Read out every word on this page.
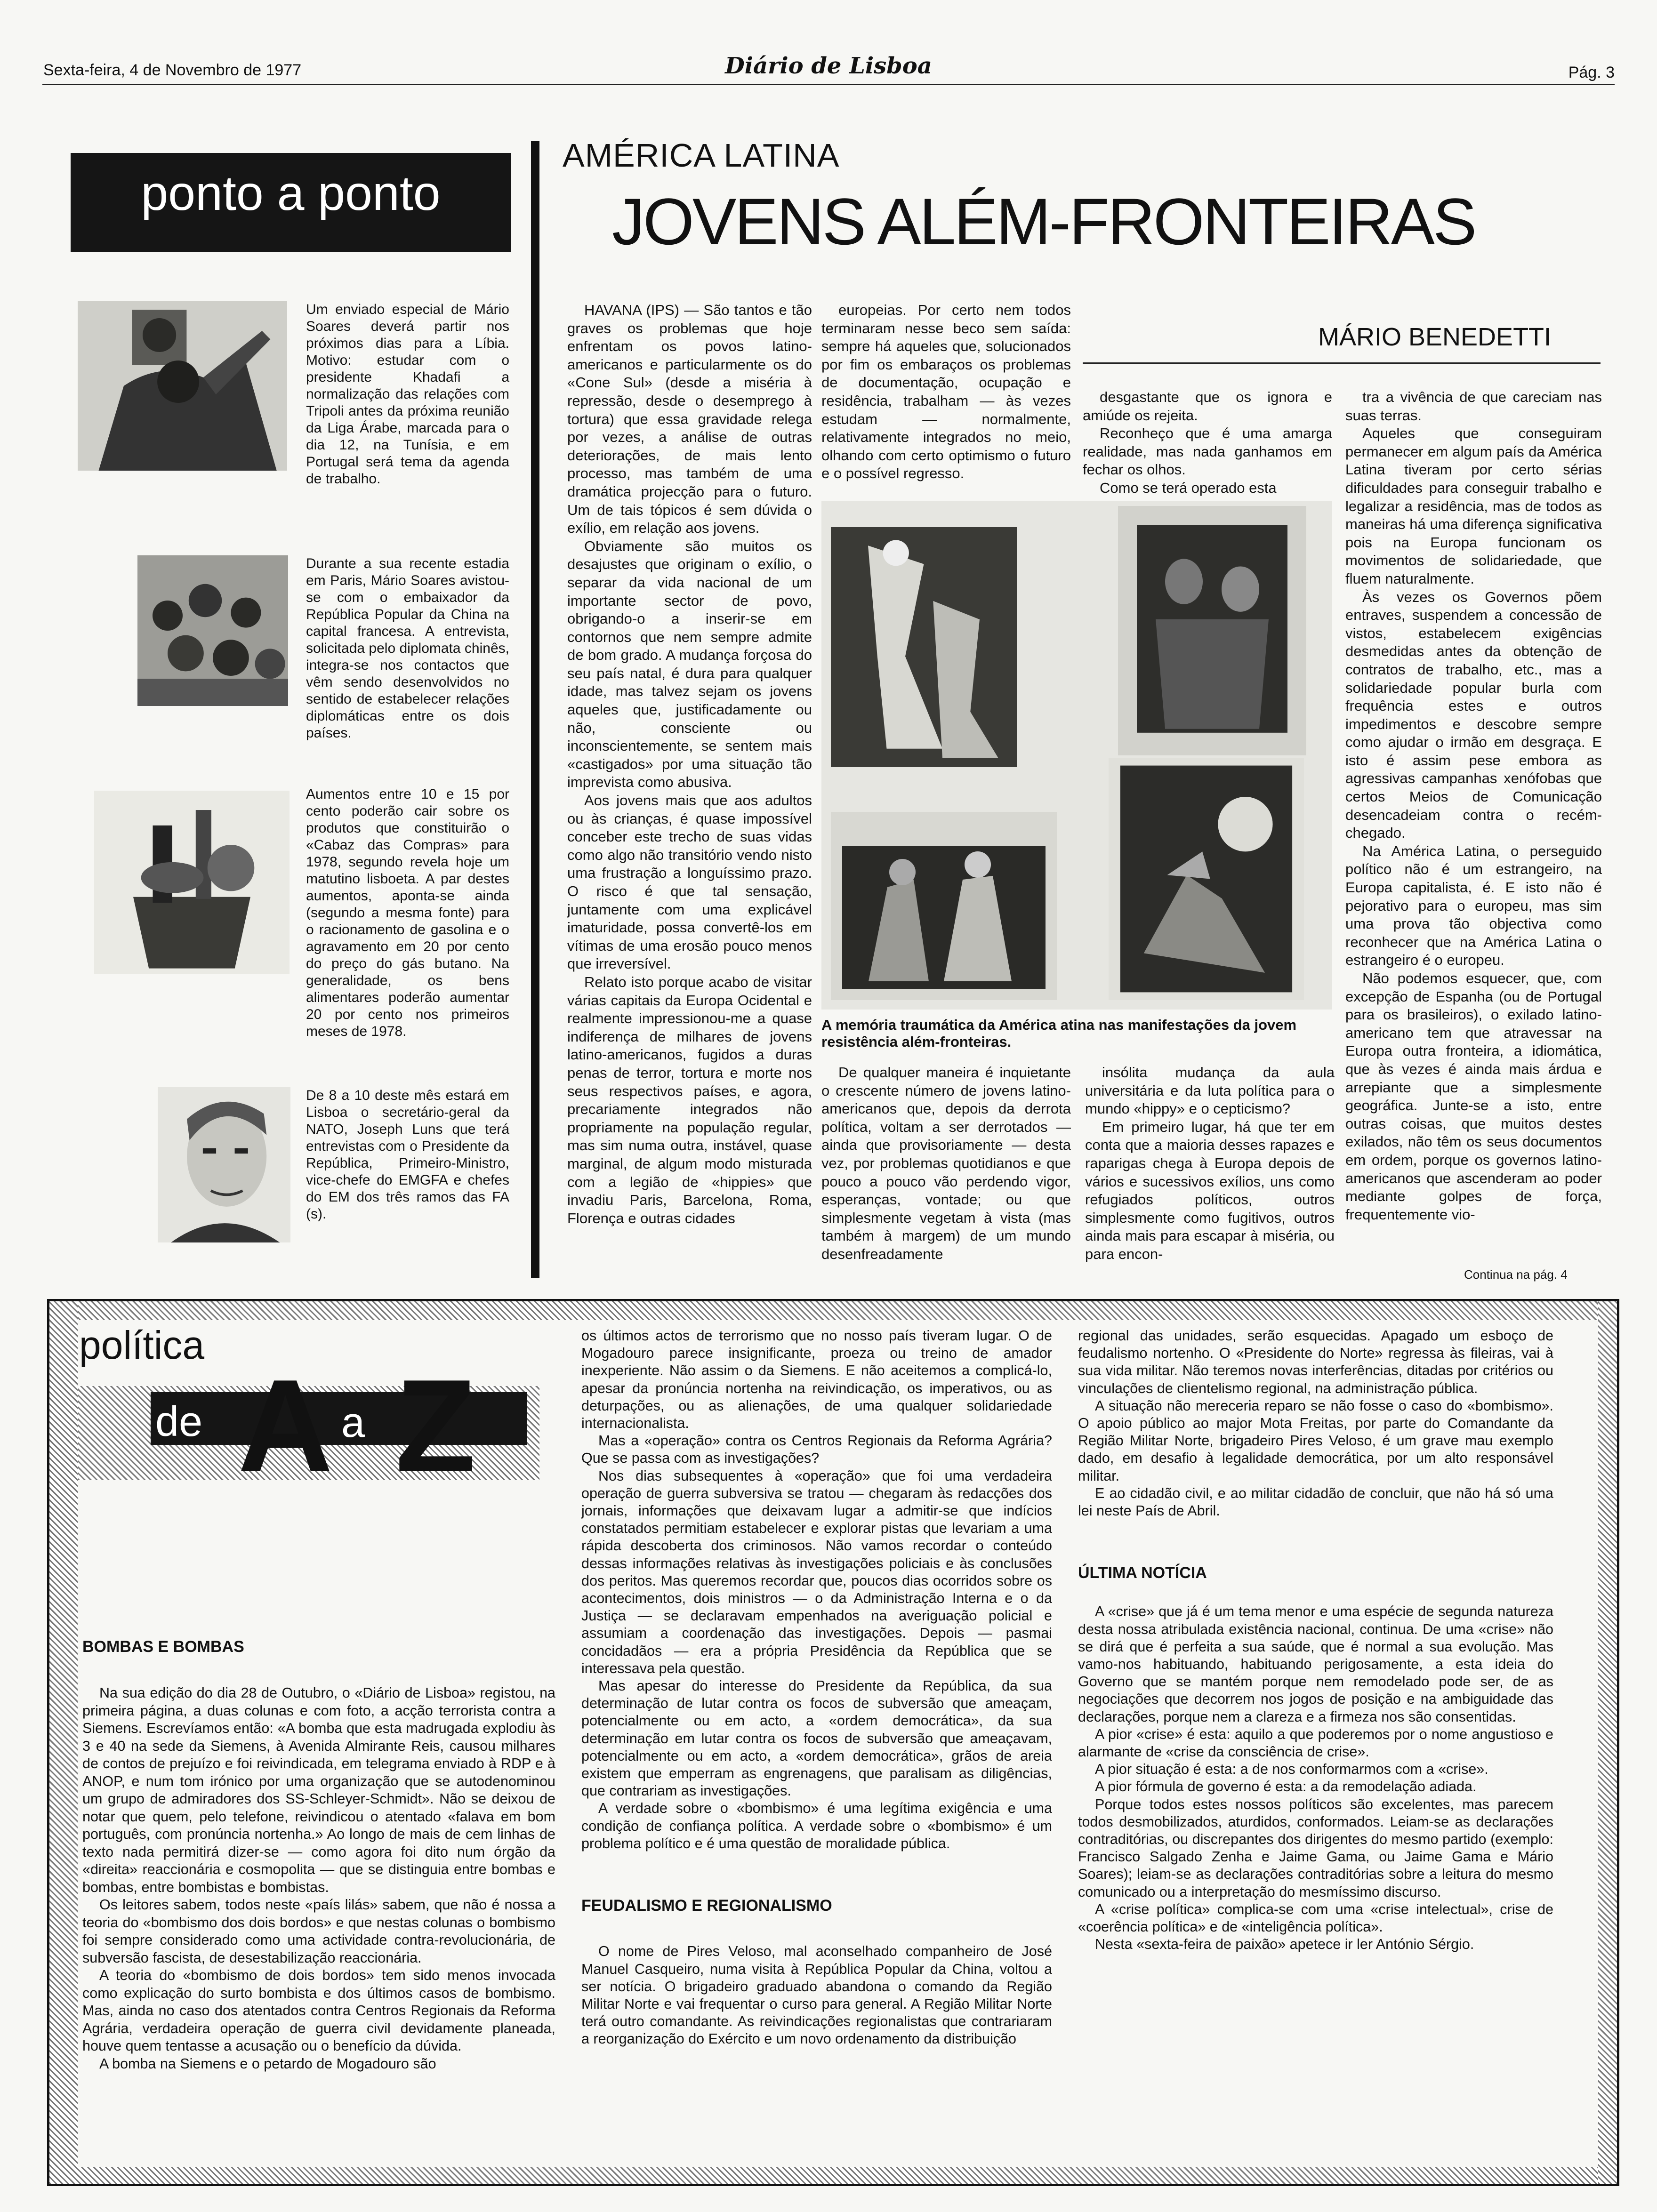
Sexta-feira, 4 de Novembro de 1977	Diário de Lisboa	Pág. 3
ponto a ponto

Um enviado especial de Mário Soares deverá partir nos próximos dias para a Líbia. Motivo: estudar com o presidente Khadafi a normalização das relações com Tripoli antes da próxima reunião da Liga Árabe, marcada para o dia 12, na Tunísia, e em Portugal será tema da agenda de trabalho.

Durante a sua recente estadia em Paris, Mário Soares avistou-se com o embaixador da República Popular da China na capital francesa. A entrevista, solicitada pelo diplomata chinês, integra-se nos contactos que vêm sendo desenvolvidos no sentido de estabelecer relações diplomáticas entre os dois países.

Aumentos entre 10 e 15 por cento poderão cair sobre os produtos que constituirão o «Cabaz das Compras» para 1978, segundo revela hoje um matutino lisboeta. A par destes aumentos, aponta-se ainda (segundo a mesma fonte) para o racionamento de gasolina e o agravamento em 20 por cento do preço do gás butano. Na generalidade, os bens alimentares poderão aumentar 20 por cento nos primeiros meses de 1978.

De 8 a 10 deste mês estará em Lisboa o secretário-geral da NATO, Joseph Luns que terá entrevistas com o Presidente da República, Primeiro-Ministro, vice-chefe do EMGFA e chefes do EM dos três ramos das FA (s).

AMÉRICA LATINA
JOVENS ALÉM-FRONTEIRAS
MÁRIO BENEDETTI

HAVANA (IPS) — São tantos e tão graves os problemas que hoje enfrentam os povos latino-americanos e particularmente os do «Cone Sul» (desde a miséria à repressão, desde o desemprego à tortura) que essa gravidade relega por vezes, a análise de outras deteriorações, de mais lento processo, mas também de uma dramática projecção para o futuro. Um de tais tópicos é sem dúvida o exílio, em relação aos jovens.

Obviamente são muitos os desajustes que originam o exílio, o separar da vida nacional de um importante sector de povo, obrigando-o a inserir-se em contornos que nem sempre admite de bom grado. A mudança forçosa do seu país natal, é dura para qualquer idade, mas talvez sejam os jovens aqueles que, justificadamente ou não, consciente ou inconscientemente, se sentem mais «castigados» por uma situação tão imprevista como abusiva.

Aos jovens mais que aos adultos ou às crianças, é quase impossível conceber este trecho de suas vidas como algo não transitório vendo nisto uma frustração a longuíssimo prazo. O risco é que tal sensação, juntamente com uma explicável imaturidade, possa convertê-los em vítimas de uma erosão pouco menos que irreversível.

Relato isto porque acabo de visitar várias capitais da Europa Ocidental e realmente impressionou-me a quase indiferença de milhares de jovens latino-americanos, fugidos a duras penas de terror, tortura e morte nos seus respectivos países, e agora, precariamente integrados não propriamente na população regular, mas sim numa outra, instável, quase marginal, de algum modo misturada com a legião de «hippies» que invadiu Paris, Barcelona, Roma, Florença e outras cidades

europeias. Por certo nem todos terminaram nesse beco sem saída: sempre há aqueles que, solucionados por fim os embaraços os problemas de documentação, ocupação e residência, trabalham — às vezes estudam — normalmente, relativamente integrados no meio, olhando com certo optimismo o futuro e o possível regresso.

desgastante que os ignora e amiúde os rejeita.

Reconheço que é uma amarga realidade, mas nada ganhamos em fechar os olhos.

Como se terá operado esta

tra a vivência de que careciam nas suas terras.

Aqueles que conseguiram permanecer em algum país da América Latina tiveram por certo sérias dificuldades para conseguir trabalho e legalizar a residência, mas de todos as maneiras há uma diferença significativa pois na Europa funcionam os movimentos de solidariedade, que fluem naturalmente.

Às vezes os Governos põem entraves, suspendem a concessão de vistos, estabelecem exigências desmedidas antes da obtenção de contratos de trabalho, etc., mas a solidariedade popular burla com frequência estes e outros impedimentos e descobre sempre como ajudar o irmão em desgraça. E isto é assim pese embora as agressivas campanhas xenófobas que certos Meios de Comunicação desencadeiam contra o recém-chegado.

Na América Latina, o perseguido político não é um estrangeiro, na Europa capitalista, é. E isto não é pejorativo para o europeu, mas sim uma prova tão objectiva como reconhecer que na América Latina o estrangeiro é o europeu.

Não podemos esquecer, que, com excepção de Espanha (ou de Portugal para os brasileiros), o exilado latino-americano tem que atravessar na Europa outra fronteira, a idiomática, que às vezes é ainda mais árdua e arrepiante que a simplesmente geográfica. Junte-se a isto, entre outras coisas, que muitos destes exilados, não têm os seus documentos em ordem, porque os governos latino-americanos que ascenderam ao poder mediante golpes de força, frequentemente vio-

A memória traumática da América atina nas manifestações da jovem resistência além-fronteiras.

De qualquer maneira é inquietante o crescente número de jovens latino-americanos que, depois da derrota política, voltam a ser derrotados — ainda que provisoriamente — desta vez, por problemas quotidianos e que pouco a pouco vão perdendo vigor, esperanças, vontade; ou que simplesmente vegetam à vista (mas também à margem) de um mundo desenfreadamente

insólita mudança da aula universitária e da luta política para o mundo «hippy» e o cepticismo?

Em primeiro lugar, há que ter em conta que a maioria desses rapazes e raparigas chega à Europa depois de vários e sucessivos exílios, uns como refugiados políticos, outros simplesmente como fugitivos, outros ainda mais para escapar à miséria, ou para encon-

Continua na pág. 4
política
de A a Z
BOMBAS E BOMBAS

Na sua edição do dia 28 de Outubro, o «Diário de Lisboa» registou, na primeira página, a duas colunas e com foto, a acção terrorista contra a Siemens. Escrevíamos então: «A bomba que esta madrugada explodiu às 3 e 40 na sede da Siemens, à Avenida Almirante Reis, causou milhares de contos de prejuízo e foi reivindicada, em telegrama enviado à RDP e à ANOP, e num tom irónico por uma organização que se autodenominou um grupo de admiradores dos SS-Schleyer-Schmidt». Não se deixou de notar que quem, pelo telefone, reivindicou o atentado «falava em bom português, com pronúncia nortenha.» Ao longo de mais de cem linhas de texto nada permitirá dizer-se — como agora foi dito num órgão da «direita» reaccionária e cosmopolita — que se distinguia entre bombas e bombas, entre bombistas e bombistas.

Os leitores sabem, todos neste «país lilás» sabem, que não é nossa a teoria do «bombismo dos dois bordos» e que nestas colunas o bombismo foi sempre considerado como uma actividade contra-revolucionária, de subversão fascista, de desestabilização reaccionária.

A teoria do «bombismo de dois bordos» tem sido menos invocada como explicação do surto bombista e dos últimos casos de bombismo. Mas, ainda no caso dos atentados contra Centros Regionais da Reforma Agrária, verdadeira operação de guerra civil devidamente planeada, houve quem tentasse a acusação ou o benefício da dúvida.

A bomba na Siemens e o petardo de Mogadouro são

os últimos actos de terrorismo que no nosso país tiveram lugar. O de Mogadouro parece insignificante, proeza ou treino de amador inexperiente. Não assim o da Siemens. E não aceitemos a complicá-lo, apesar da pronúncia nortenha na reivindicação, os imperativos, ou as deturpações, ou as alienações, de uma qualquer solidariedade internacionalista.

Mas a «operação» contra os Centros Regionais da Reforma Agrária? Que se passa com as investigações?

Nos dias subsequentes à «operação» que foi uma verdadeira operação de guerra subversiva se tratou — chegaram às redacções dos jornais, informações que deixavam lugar a admitir-se que indícios constatados permitiam estabelecer e explorar pistas que levariam a uma rápida descoberta dos criminosos. Não vamos recordar o conteúdo dessas informações relativas às investigações policiais e às conclusões dos peritos. Mas queremos recordar que, poucos dias ocorridos sobre os acontecimentos, dois ministros — o da Administração Interna e o da Justiça — se declaravam empenhados na averiguação policial e assumiam a coordenação das investigações. Depois — pasmai concidadãos — era a própria Presidência da República que se interessava pela questão.

Mas apesar do interesse do Presidente da República, da sua determinação de lutar contra os focos de subversão que ameaçam, potencialmente ou em acto, a «ordem democrática», da sua determinação em lutar contra os focos de subversão que ameaçavam, potencialmente ou em acto, a «ordem democrática», grãos de areia existem que emperram as engrenagens, que paralisam as diligências, que contrariam as investigações.

A verdade sobre o «bombismo» é uma legítima exigência e uma condição de confiança política. A verdade sobre o «bombismo» é um problema político e é uma questão de moralidade pública.

FEUDALISMO E REGIONALISMO

O nome de Pires Veloso, mal aconselhado companheiro de José Manuel Casqueiro, numa visita à República Popular da China, voltou a ser notícia. O brigadeiro graduado abandona o comando da Região Militar Norte e vai frequentar o curso para general. A Região Militar Norte terá outro comandante. As reivindicações regionalistas que contrariaram a reorganização do Exército e um novo ordenamento da distribuição

regional das unidades, serão esquecidas. Apagado um esboço de feudalismo nortenho. O «Presidente do Norte» regressa às fileiras, vai à sua vida militar. Não teremos novas interferências, ditadas por critérios ou vinculações de clientelismo regional, na administração pública.

A situação não mereceria reparo se não fosse o caso do «bombismo». O apoio público ao major Mota Freitas, por parte do Comandante da Região Militar Norte, brigadeiro Pires Veloso, é um grave mau exemplo dado, em desafio à legalidade democrática, por um alto responsável militar.

E ao cidadão civil, e ao militar cidadão de concluir, que não há só uma lei neste País de Abril.

ÚLTIMA NOTÍCIA

A «crise» que já é um tema menor e uma espécie de segunda natureza desta nossa atribulada existência nacional, continua. De uma «crise» não se dirá que é perfeita a sua saúde, que é normal a sua evolução. Mas vamo-nos habituando, habituando perigosamente, a esta ideia do Governo que se mantém porque nem remodelado pode ser, de as negociações que decorrem nos jogos de posição e na ambiguidade das declarações, porque nem a clareza e a firmeza nos são consentidas.

A pior «crise» é esta: aquilo a que poderemos por o nome angustioso e alarmante de «crise da consciência de crise».

A pior situação é esta: a de nos conformarmos com a «crise».

A pior fórmula de governo é esta: a da remodelação adiada.

Porque todos estes nossos políticos são excelentes, mas parecem todos desmobilizados, aturdidos, conformados. Leiam-se as declarações contraditórias, ou discrepantes dos dirigentes do mesmo partido (exemplo: Francisco Salgado Zenha e Jaime Gama, ou Jaime Gama e Mário Soares); leiam-se as declarações contraditórias sobre a leitura do mesmo comunicado ou a interpretação do mesmíssimo discurso.

A «crise política» complica-se com uma «crise intelectual», crise de «coerência política» e de «inteligência política».

Nesta «sexta-feira de paixão» apetece ir ler António Sérgio.
